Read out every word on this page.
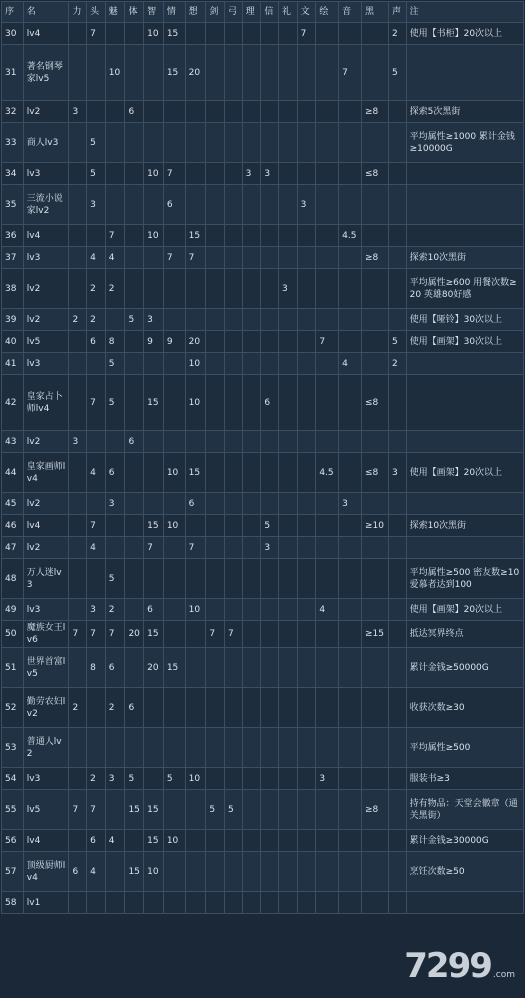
序	名	力	头	魅	体	智	情	想	剑	弓	理	信	礼	文	绘	音	黑	声	注
30	lv4		7			10	15							7				2	使用【书柜】20次以上
31	著名钢琴家lv5			10			15	20								7		5	
32	lv2	3			6												≥8		探索5次黑街
33	商人lv3		5																平均属性≥1000 累计金钱≥10000G
34	lv3		5			10	7				3	3					≤8		
35	三流小说家lv2		3				6							3					
36	lv4			7		10		15								4.5			
37	lv3		4	4			7	7									≥8		探索10次黑街
38	lv2		2	2									3						平均属性≥600 用餐次数≥20 英雄80好感
39	lv2	2	2		5	3													使用【哑铃】30次以上
40	lv5		6	8		9	9	20							7			5	使用【画架】30次以上
41	lv3			5				10								4		2	
42	皇家占卜师lv4		7	5		15		10				6					≤8		
43	lv2	3			6														
44	皇家画师lv4		4	6			10	15							4.5		≤8	3	使用【画架】20次以上
45	lv2			3				6								3			
46	lv4		7			15	10					5					≥10		探索10次黑街
47	lv2		4			7		7				3							
48	万人迷lv3			5															平均属性≥500 密友数≥10 爱慕者达到100
49	lv3		3	2		6		10							4				使用【画架】20次以上
50	魔族女王lv6	7	7	7	20	15			7	7							≥15		抵达冥界终点
51	世界首富lv5		8	6		20	15												累计金钱≥50000G
52	勤劳农妇lv2	2		2	6														收获次数≥30
53	普通人lv2																		平均属性≥500
54	lv3		2	3	5		5	10							3				服装书≥3
55	lv5	7	7		15	15			5	5							≥8		持有物品：天堂会徽章（通关黑街）
56	lv4		6	4		15	10												累计金钱≥30000G
57	顶级厨师lv4	6	4		15	10													烹饪次数≥50
58	lv1																		
7299 .com
